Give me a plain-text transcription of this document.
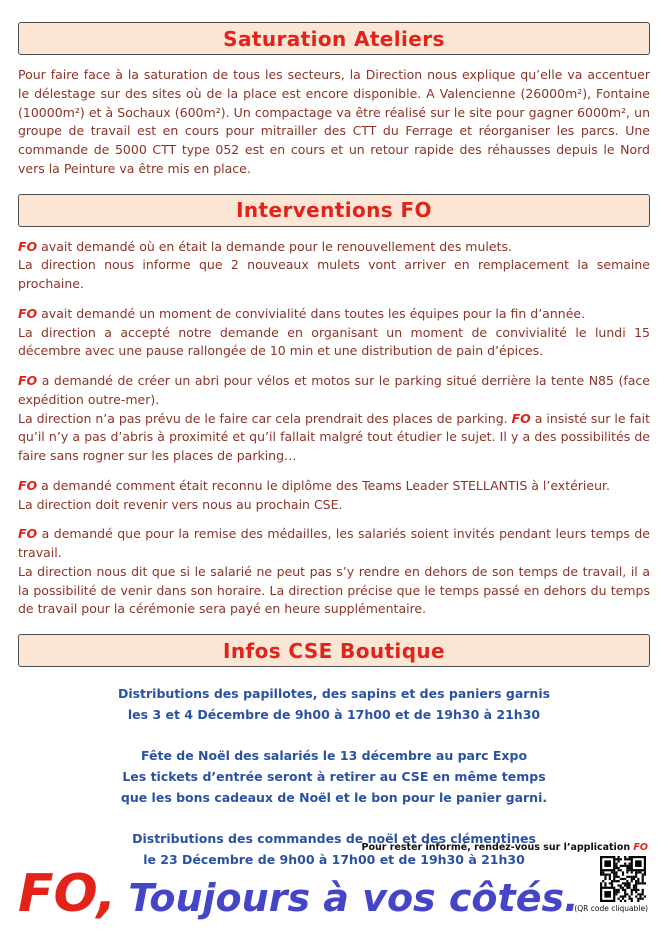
Saturation Ateliers

Pour faire face à la saturation de tous les secteurs, la Direction nous explique qu’elle va accentuer le délestage sur des sites où de la place est encore disponible. A Valencienne (26000m²), Fontaine (10000m²) et à Sochaux (600m²). Un compactage va être réalisé sur le site pour gagner 6000m², un groupe de travail est en cours pour mitrailler des CTT du Ferrage et réorganiser les parcs. Une commande de 5000 CTT type 052 est en cours et un retour rapide des réhausses depuis le Nord vers la Peinture va être mis en place.

Interventions FO

FO avait demandé où en était la demande pour le renouvellement des mulets.

La direction nous informe que 2 nouveaux mulets vont arriver en remplacement la semaine prochaine.

FO avait demandé un moment de convivialité dans toutes les équipes pour la fin d’année.

La direction a accepté notre demande en organisant un moment de convivialité le lundi 15 décembre avec une pause rallongée de 10 min et une distribution de pain d’épices.

FO a demandé de créer un abri pour vélos et motos sur le parking situé derrière la tente N85 (face expédition outre-mer).

La direction n’a pas prévu de le faire car cela prendrait des places de parking. FO a insisté sur le fait qu’il n’y a pas d’abris à proximité et qu’il fallait malgré tout étudier le sujet. Il y a des possibilités de faire sans rogner sur les places de parking…

FO a demandé comment était reconnu le diplôme des Teams Leader STELLANTIS à l’extérieur.

La direction doit revenir vers nous au prochain CSE.

FO a demandé que pour la remise des médailles, les salariés soient invités pendant leurs temps de travail.

La direction nous dit que si le salarié ne peut pas s’y rendre en dehors de son temps de travail, il a la possibilité de venir dans son horaire. La direction précise que le temps passé en dehors du temps de travail pour la cérémonie sera payé en heure supplémentaire.

Infos CSE Boutique
Distributions des papillotes, des sapins et des paniers garnis
les 3 et 4 Décembre de 9h00 à 17h00 et de 19h30 à 21h30
Fête de Noël des salariés le 13 décembre au parc Expo
Les tickets d’entrée seront à retirer au CSE en même temps
que les bons cadeaux de Noël et le bon pour le panier garni.
Distributions des commandes de noël et des clémentines
le 23 Décembre de 9h00 à 17h00 et de 19h30 à 21h30
Pour rester informé, rendez-vous sur l’application FO
(QR code cliquable)
FO, Toujours à vos côtés.
